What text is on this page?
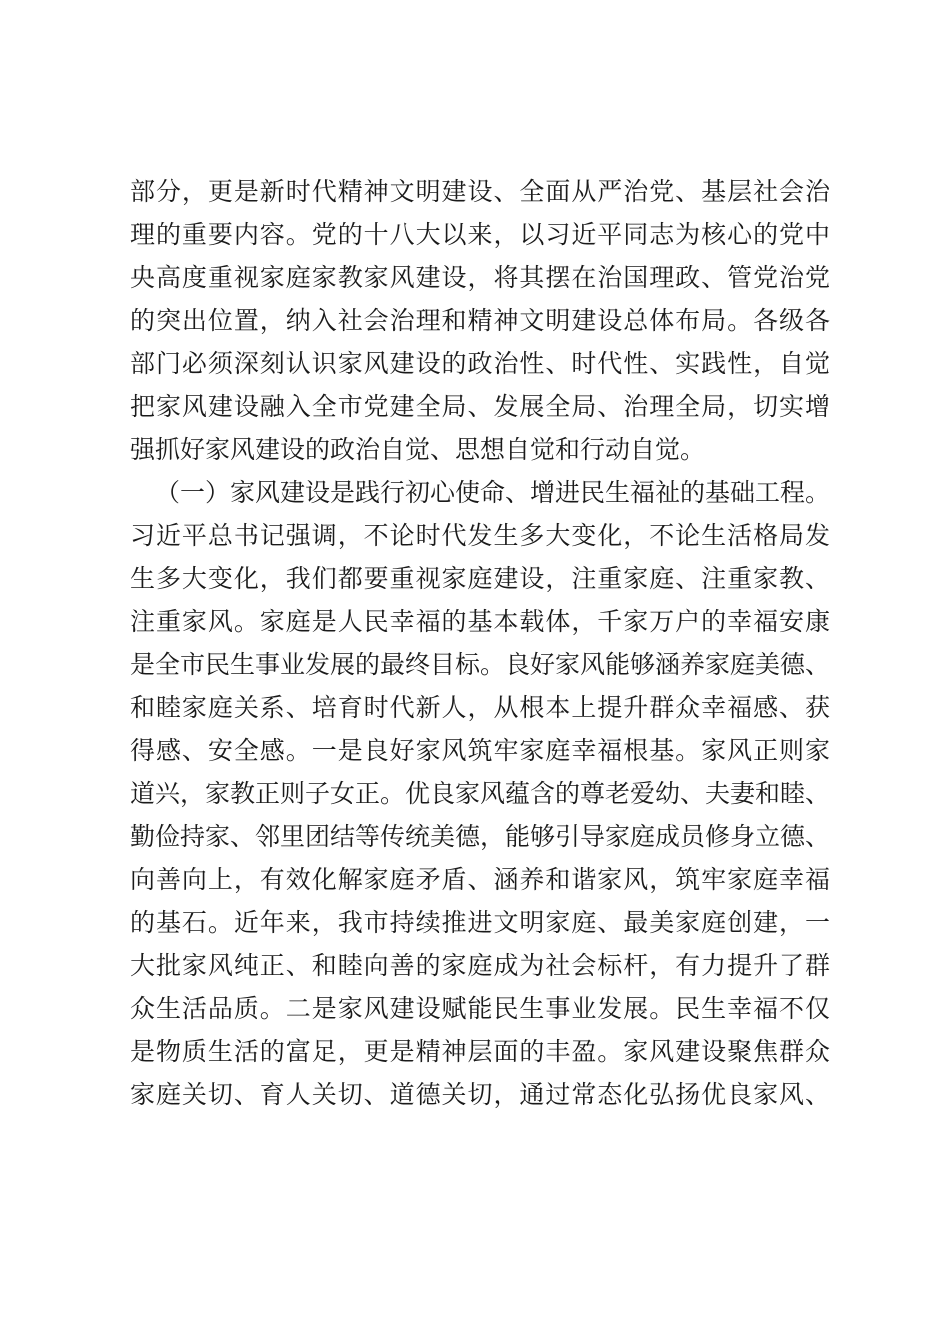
部分，更是新时代精神文明建设、全面从严治党、基层社会治
理的重要内容。党的十八大以来，以习近平同志为核心的党中
央高度重视家庭家教家风建设，将其摆在治国理政、管党治党
的突出位置，纳入社会治理和精神文明建设总体布局。各级各
部门必须深刻认识家风建设的政治性、时代性、实践性，自觉
把家风建设融入全市党建全局、发展全局、治理全局，切实增
强抓好家风建设的政治自觉、思想自觉和行动自觉。
（一）家风建设是践行初心使命、增进民生福祉的基础工程。
习近平总书记强调，不论时代发生多大变化，不论生活格局发
生多大变化，我们都要重视家庭建设，注重家庭、注重家教、
注重家风。家庭是人民幸福的基本载体，千家万户的幸福安康
是全市民生事业发展的最终目标。良好家风能够涵养家庭美德、
和睦家庭关系、培育时代新人，从根本上提升群众幸福感、获
得感、安全感。一是良好家风筑牢家庭幸福根基。家风正则家
道兴，家教正则子女正。优良家风蕴含的尊老爱幼、夫妻和睦、
勤俭持家、邻里团结等传统美德，能够引导家庭成员修身立德、
向善向上，有效化解家庭矛盾、涵养和谐家风，筑牢家庭幸福
的基石。近年来，我市持续推进文明家庭、最美家庭创建，一
大批家风纯正、和睦向善的家庭成为社会标杆，有力提升了群
众生活品质。二是家风建设赋能民生事业发展。民生幸福不仅
是物质生活的富足，更是精神层面的丰盈。家风建设聚焦群众
家庭关切、育人关切、道德关切，通过常态化弘扬优良家风、
